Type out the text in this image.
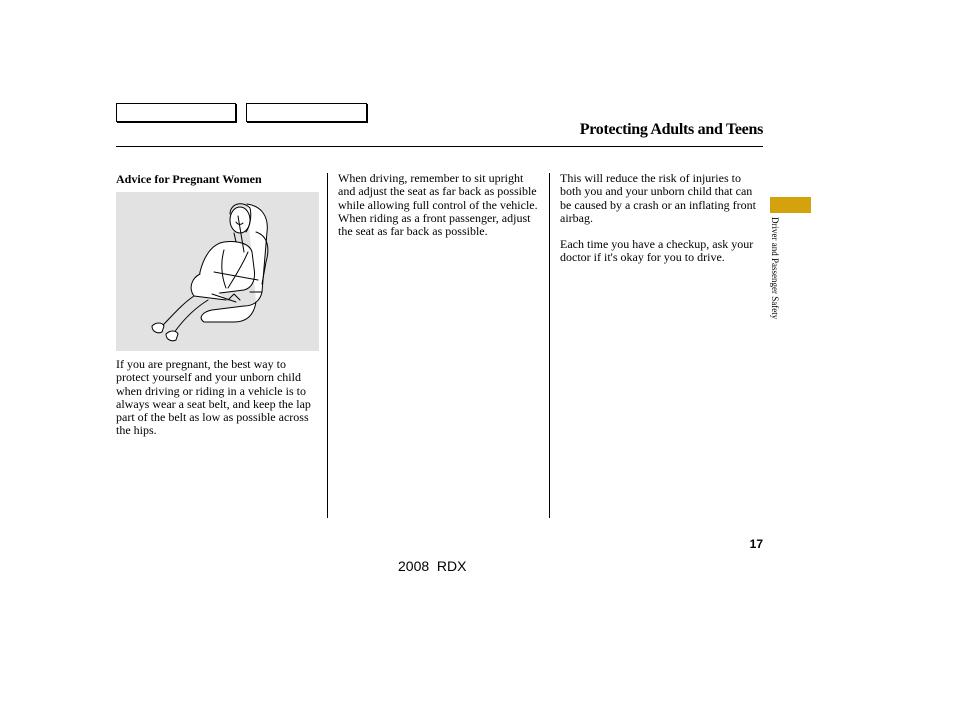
Protecting Adults and Teens
Advice for Pregnant Women

If you are pregnant, the best way to protect yourself and your unborn child when driving or riding in a vehicle is to always wear a seat belt, and keep the lap part of the belt as low as possible across the hips.

When driving, remember to sit upright and adjust the seat as far back as possible while allowing full control of the vehicle. When riding as a front passenger, adjust the seat as far back as possible.

This will reduce the risk of injuries to both you and your unborn child that can be caused by a crash or an inflating front airbag.

Each time you have a checkup, ask your doctor if it's okay for you to drive.	Driver and Passenger Safety
17
2008  RDX
